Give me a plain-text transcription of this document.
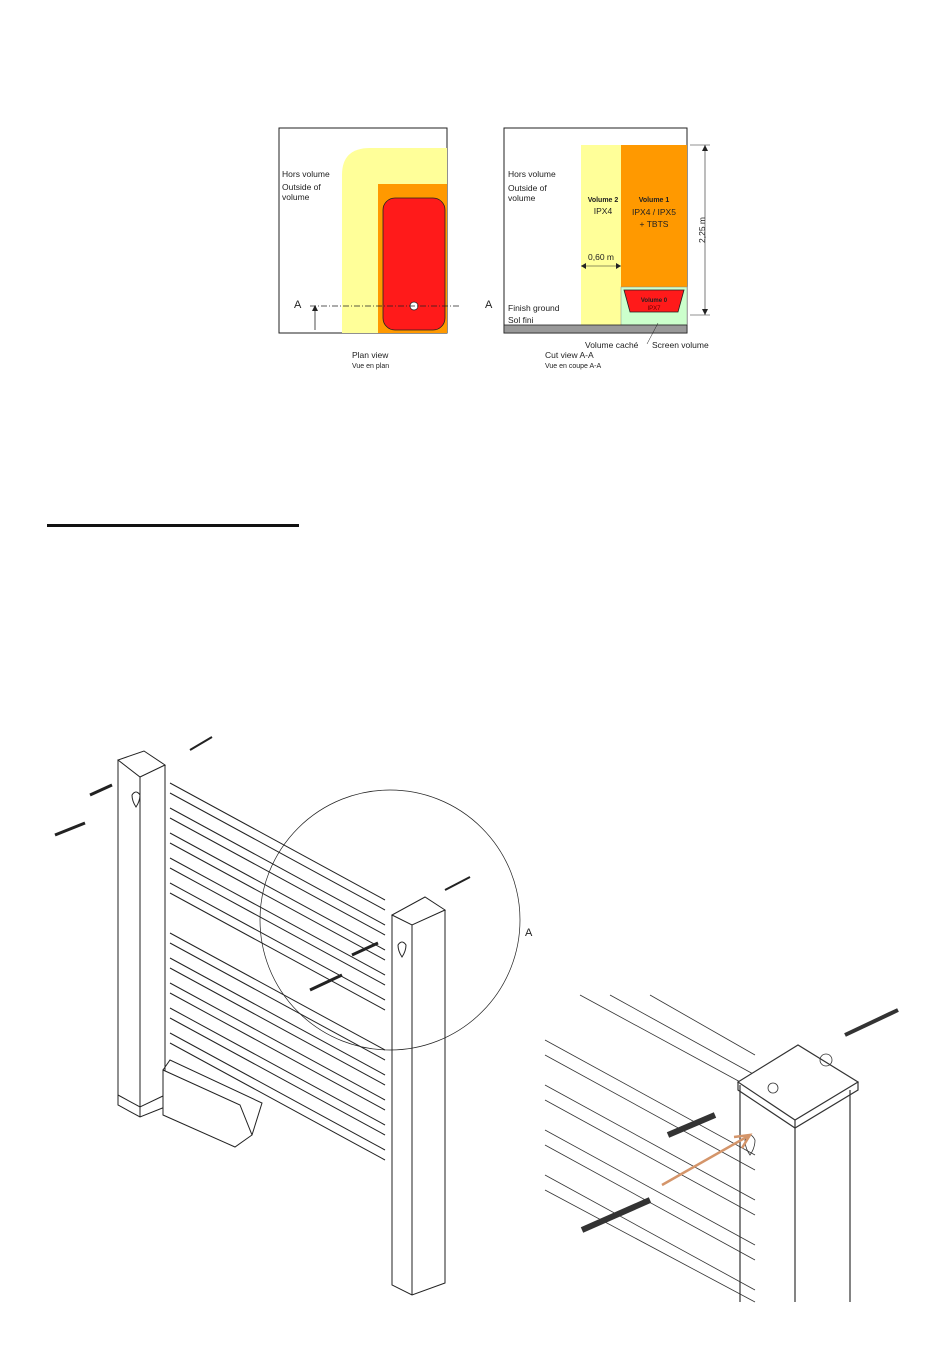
Hors volume
Outside of
volume
A	A
Plan view
Vue en plan
Hors volume
Outside of
volume	Volume 2
IPX4
Volume 1
IPX4 / IPX5
+ TBTS
Volume 0
IPX7
0,60 m
2,25 m
Finish ground
Sol fini
Volume caché Screen volume
Cut view A-A
Vue en coupe A-A
A
